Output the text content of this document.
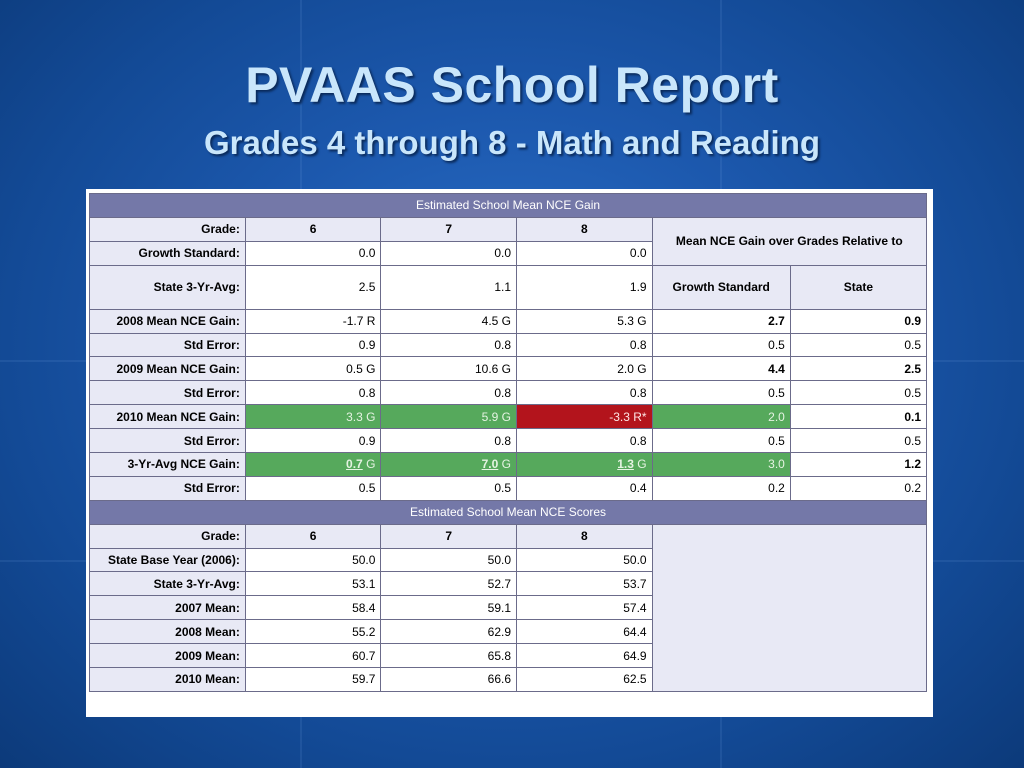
PVAAS School Report
Grades 4 through 8 - Math and Reading
Estimated School Mean NCE Gain					
Grade:	6	7	8	Mean NCE Gain over Grades Relative to	
Growth Standard:	0.0	0.0	0.0		
State 3-Yr-Avg:	2.5	1.1	1.9	Growth Standard	State
2008 Mean NCE Gain:	-1.7 R	4.5 G	5.3 G	2.7	0.9
Std Error:	0.9	0.8	0.8	0.5	0.5
2009 Mean NCE Gain:	0.5 G	10.6 G	2.0 G	4.4	2.5
Std Error:	0.8	0.8	0.8	0.5	0.5
2010 Mean NCE Gain:	3.3 G	5.9 G	-3.3 R*	2.0	0.1
Std Error:	0.9	0.8	0.8	0.5	0.5
3-Yr-Avg NCE Gain:	0.7 G	7.0 G	1.3 G	3.0	1.2
Std Error:	0.5	0.5	0.4	0.2	0.2
Estimated School Mean NCE Scores					
Grade:	6	7	8		
State Base Year (2006):	50.0	50.0	50.0		
State 3-Yr-Avg:	53.1	52.7	53.7		
2007 Mean:	58.4	59.1	57.4		
2008 Mean:	55.2	62.9	64.4		
2009 Mean:	60.7	65.8	64.9		
2010 Mean:	59.7	66.6	62.5		
